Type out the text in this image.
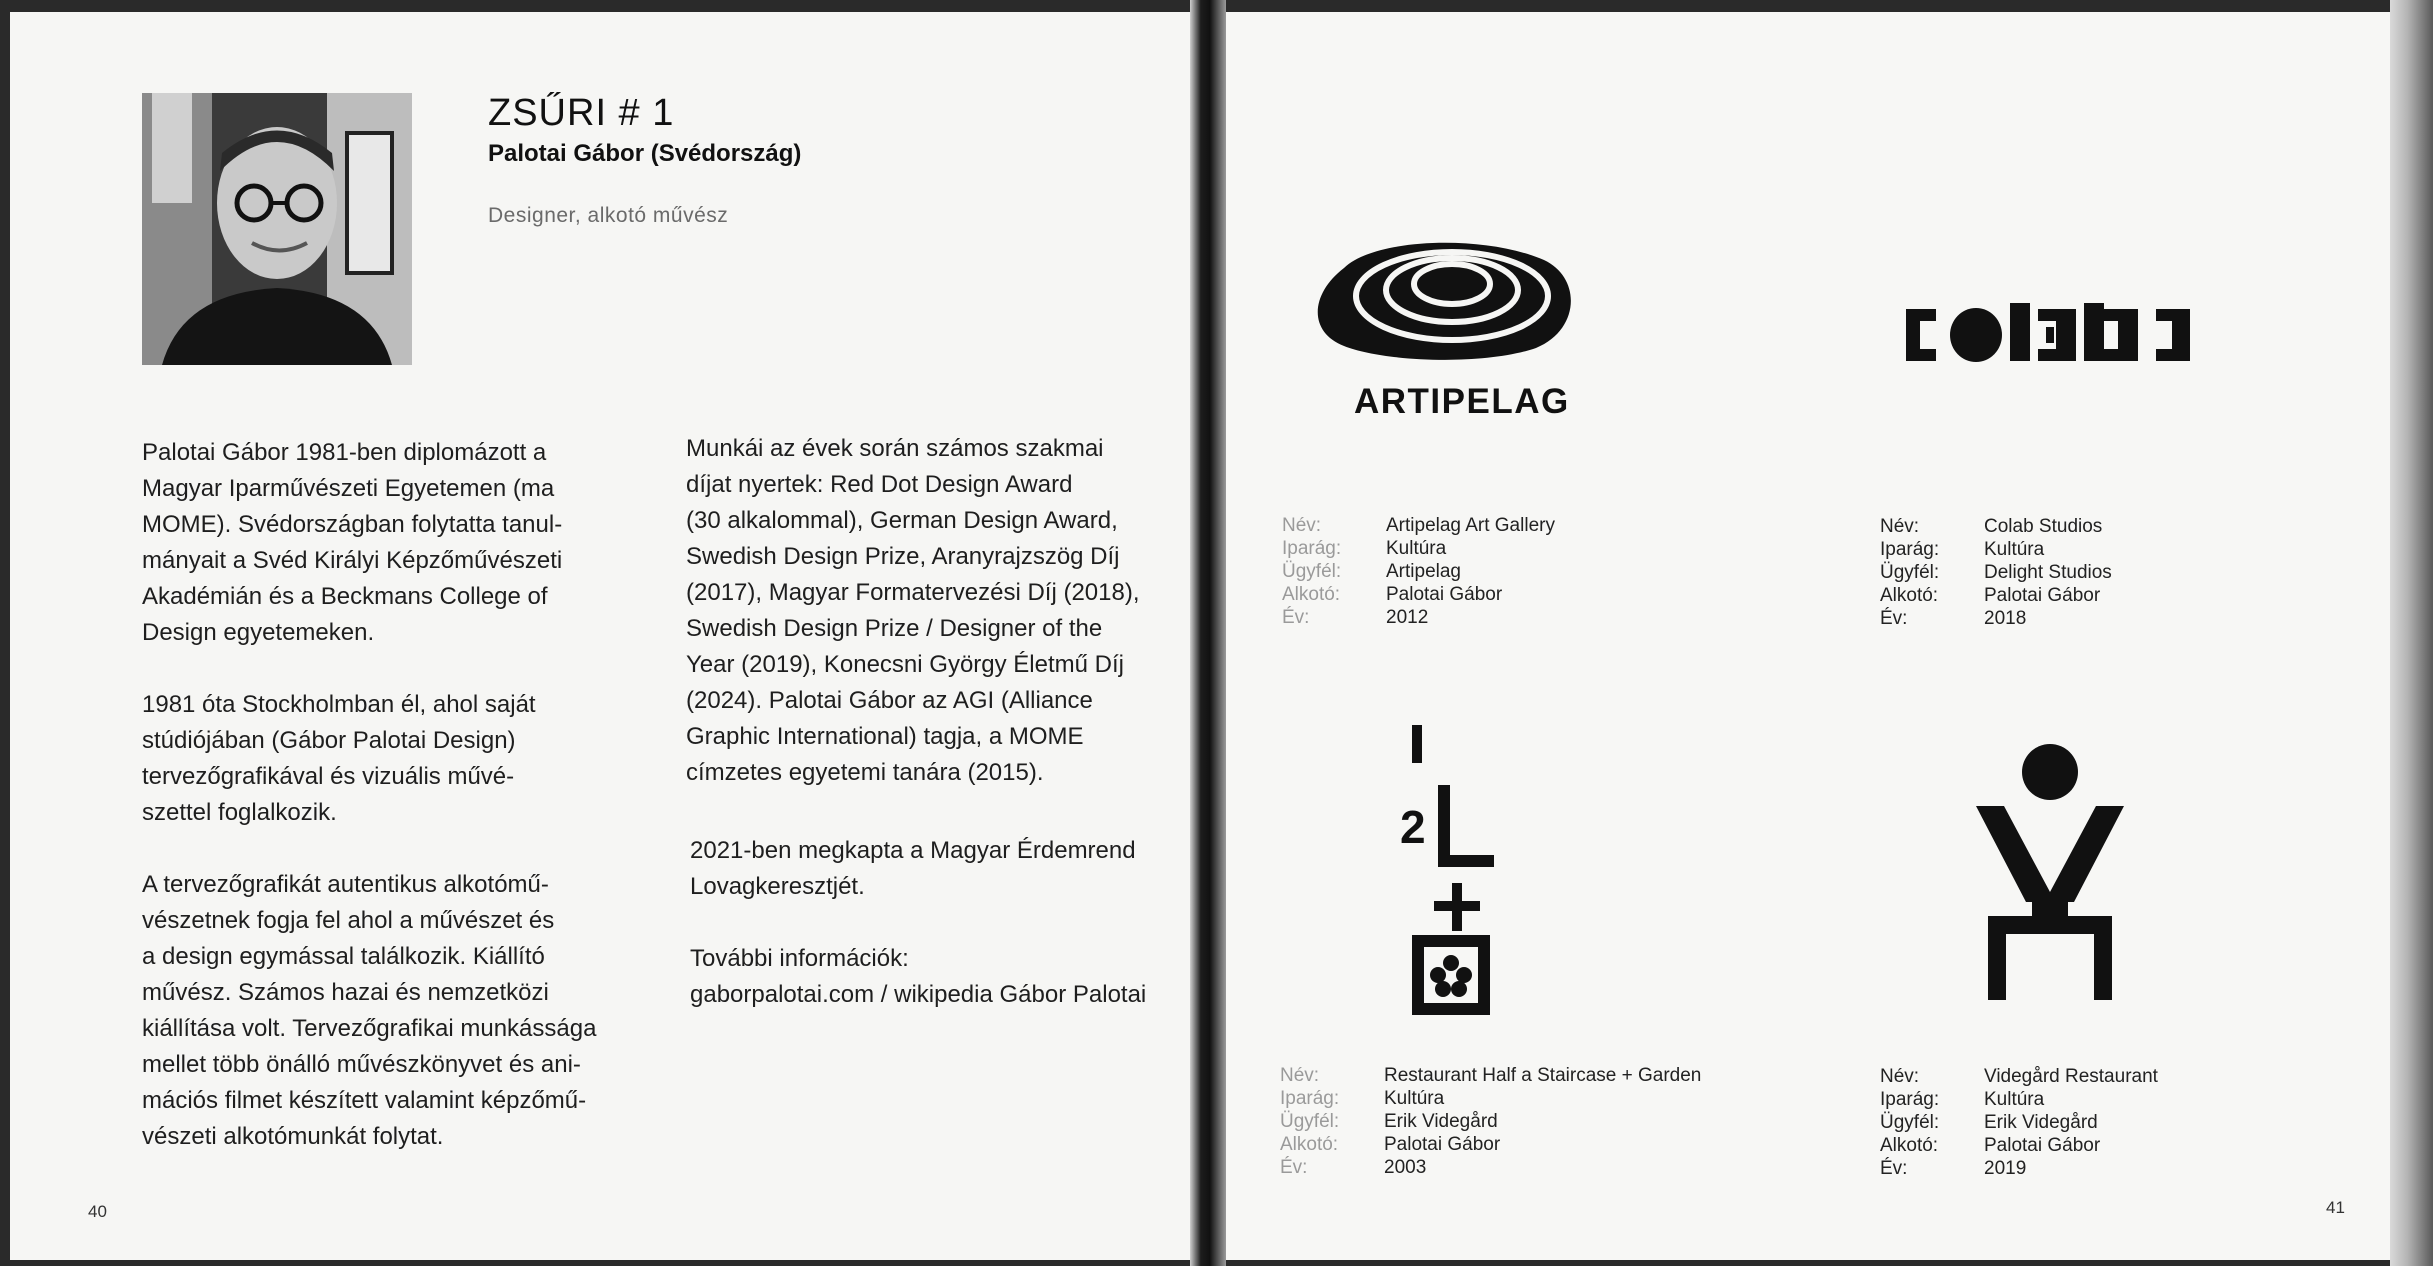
ZSŰRI # 1
Palotai Gábor (Svédország)
Designer, alkotó művész

Palotai Gábor 1981-ben diplomázott a

Magyar Iparművészeti Egyetemen (ma

MOME). Svédországban folytatta tanul-

mányait a Svéd Királyi Képzőművészeti

Akadémián és a Beckmans College of

Design egyetemeken.

1981 óta Stockholmban él, ahol saját

stúdiójában (Gábor Palotai Design)

tervezőgrafikával és vizuális művé-

szettel foglalkozik.

A tervezőgrafikát autentikus alkotómű-

vészetnek fogja fel ahol a művészet és

a design egymással találkozik. Kiállító

művész. Számos hazai és nemzetközi

kiállítása volt. Tervezőgrafikai munkássága

mellet több önálló művészkönyvet és ani-

mációs filmet készített valamint képzőmű-

vészeti alkotómunkát folytat.

Munkái az évek során számos szakmai

díjat nyertek: Red Dot Design Award

(30 alkalommal), German Design Award,

Swedish Design Prize, Aranyrajzszög Díj

(2017), Magyar Formatervezési Díj (2018),

Swedish Design Prize / Designer of the

Year (2019), Konecsni György Életmű Díj

(2024). Palotai Gábor az AGI (Alliance

Graphic International) tagja, a MOME

címzetes egyetemi tanára (2015).

2021-ben megkapta a Magyar Érdemrend

Lovagkeresztjét.

További információk:

gaborpalotai.com / wikipedia Gábor Palotai

40
ARTIPELAG
2
Név:	Artipelag Art Gallery
Iparág: Kultúra
Ügyfél: Artipelag
Alkotó: Palotai Gábor
Év:	2012
Név:	Colab Studios
Iparág: Kultúra
Ügyfél: Delight Studios
Alkotó: Palotai Gábor
Év:	2018
Név:	Restaurant Half a Staircase + Garden
Iparág: Kultúra
Ügyfél: Erik Videgård
Alkotó: Palotai Gábor
Év:	2003
Név:	Videgård Restaurant
Iparág: Kultúra
Ügyfél: Erik Videgård
Alkotó: Palotai Gábor
Év:	2019
41
